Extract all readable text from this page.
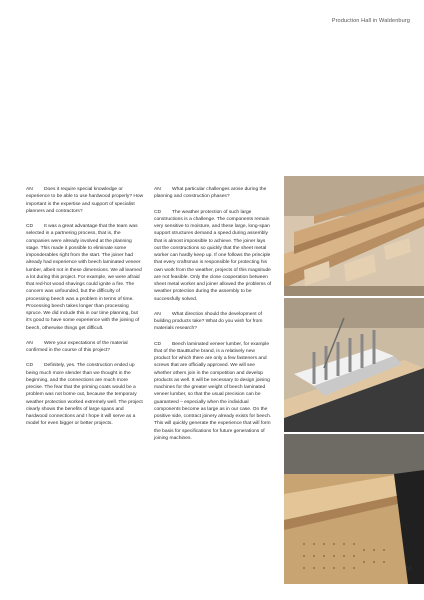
Production Hall in Waldenburg
AN Does it require special knowledge or experience to be able to use hardwood properly? How important is the expertise and support of specialist planners and contractors?
CD It was a great advantage that the team was selected in a partnering process, that is, the companies were already involved at the planning stage. This made it possible to eliminate some imponderables right from the start. The joiner had already had experience with beech laminated veneer lumber, albeit not in these dimensions. We all learned a lot during this project. For example, we were afraid that red-hot wood shavings could ignite a fire. The concern was unfounded, but the difficulty of processing beech was a problem in terms of time. Processing beech takes longer than processing spruce. We did include this in our time planning, but it's good to have some experience with the joining of beech, otherwise things get difficult.
AN Were your expectations of the material confirmed in the course of this project?
CD Definitely, yes. The construction ended up being much more slender than we thought in the beginning, and the connections are much more precise. The fear that the priming coats would be a problem was not borne out, because the temporary weather protection worked extremely well. The project clearly shows the benefits of large spans and hardwood connections and I hope it will serve as a model for even bigger or better projects.
AN What particular challenges arose during the planning and construction phases?
CD The weather protection of such large constructions is a challenge. The components remain very sensitive to moisture, and these large, long-span support structures demand a speed during assembly that is almost impossible to achieve. The joiner lays out the constructions so quickly that the sheet metal worker can hardly keep up. If one follows the principle that every craftsman is responsible for protecting his own work from the weather, projects of this magnitude are not feasible. Only the close cooperation between sheet metal worker and joiner allowed the problems of weather protection during the assembly to be successfully solved.
AN What direction should the development of building products take? What do you wish for from materials research?
CD Beech laminated veneer lumber, for example that of the BauBuche brand, is a relatively new product for which there are only a few fasteners and screws that are officially approved. We will see whether others join in the competition and develop products as well. It will be necessary to design joining machines for the greater weight of beech laminated veneer lumber, so that the usual precision can be guaranteed – especially when the individual components become as large as in our case. On the positive side, contract joinery already exists for beech. This will quickly generate the experience that will form the basis for specifications for future generations of joining machines.
61
